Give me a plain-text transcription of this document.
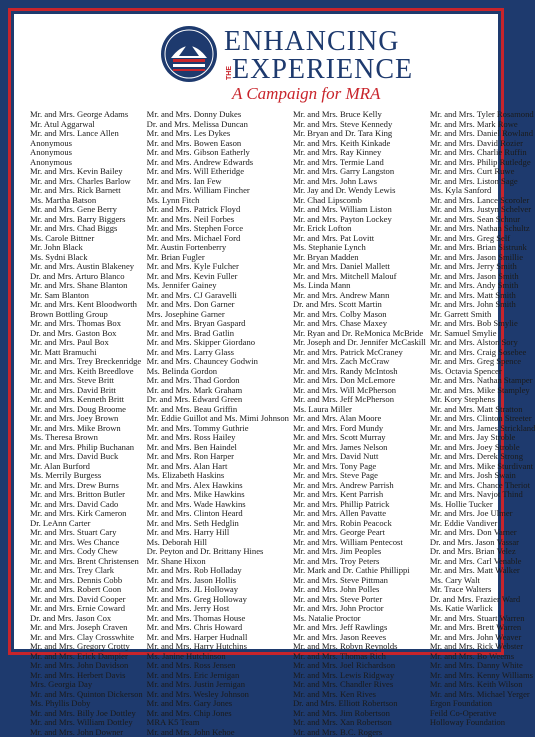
ENHANCING
THE EXPERIENCE
A Campaign for MRA
Mr. and Mrs. George Adams
Mr. Atul Aggarwal
Mr. and Mrs. Lance Allen
Anonymous
Anonymous
Anonymous
Mr. and Mrs. Kevin Bailey
Mr. and Mrs. Charles Barlow
Mr. and Mrs. Rick Barnett
Ms. Martha Batson
Mr. and Mrs. Gene Berry
Mr. and Mrs. Barry Biggers
Mr. and Mrs. Chad Biggs
Ms. Carole Bittner
Mr. John Black
Ms. Sydni Black
Mr. and Mrs. Austin Blakeney
Dr. and Mrs. Arturo Blanco
Mr. and Mrs. Shane Blanton
Mr. Sam Blanton
Mr. and Mrs. Kent Bloodworth
Brown Bottling Group
Mr. and Mrs. Thomas Box
Dr. and Mrs. Gaston Box
Mr. and Mrs. Paul Box
Mr. Matt Bramuchi
Mr. and Mrs. Trey Breckenridge
Mr. and Mrs. Keith Breedlove
Mr. and Mrs. Steve Britt
Mr. and Mrs. David Britt
Mr. and Mrs. Kenneth Britt
Mr. and Mrs. Doug Broome
Mr. and Mrs. Joey Brown
Mr. and Mrs. Mike Brown
Ms. Theresa Brown
Mr. and Mrs. Philip Buchanan
Mr. and Mrs. David Buck
Mr. Alan Burford
Ms. Merrily Burgess
Mr. and Mrs. Drew Burns
Mr. and Mrs. Britton Butler
Mr. and Mrs. David Cado
Mr. and Mrs. Kirk Cameron
Dr. LeAnn Carter
Mr. and Mrs. Stuart Cary
Mr. and Mrs. Wes Chance
Mr. and Mrs. Cody Chew
Mr. and Mrs. Brent Christensen
Mr. and Mrs. Trey Clark
Mr. and Mrs. Dennis Cobb
Mr. and Mrs. Robert Coon
Mr. and Mrs. David Cooper
Mr. and Mrs. Ernie Coward
Dr. and Mrs. Jason Cox
Mr. and Mrs. Joseph Craven
Mr. and Mrs. Clay Crosswhite
Mr. and Mrs. Gregory Crotty
Mr. and Mrs. Erick Dampier
Mr. and Mrs. John Davidson
Mr. and Mrs. Herbert Davis
Mrs. Georgia Day
Mr. and Mrs. Quinton Dickerson
Ms. Phyllis Doby
Mr. and Mrs. Billy Joe Dottley
Mr. and Mrs. William Dottley
Mr. and Mrs. John Downer
Mr. and Mrs. Donny Dukes
Dr. and Mrs. Melissa Duncan
Mr. and Mrs. Les Dykes
Mr. and Mrs. Bowen Eason
Mr. and Mrs. Gibson Eatherly
Mr. and Mrs. Andrew Edwards
Mr. and Mrs. Will Etheridge
Mr. and Mrs. Ian Few
Mr. and Mrs. William Fincher
Ms. Lynn Fitch
Mr. and Mrs. Patrick Floyd
Mr. and Mrs. Neil Forbes
Mr. and Mrs. Stephen Force
Mr. and Mrs. Michael Ford
Mr. Austin Fortenberry
Mr. Brian Fugler
Mr. and Mrs. Kyle Fulcher
Mr. and Mrs. Kevin Fuller
Ms. Jennifer Gainey
Mr. and Mrs. CJ Garavelli
Mr. and Mrs. Don Garner
Mrs. Josephine Garner
Mr. and Mrs. Bryan Gaspard
Mr. and Mrs. Brad Gatlin
Mr. and Mrs. Skipper Giordano
Mr. and Mrs. Larry Glass
Mr. and Mrs. Chauncey Godwin
Ms. Belinda Gordon
Mr. and Mrs. Thad Gordon
Mr. and Mrs. Mark Graham
Dr. and Mrs. Edward Green
Mr. and Mrs. Beau Griffin
Mr. Eddie Guillot and Ms. Mimi Johnson
Mr. and Mrs. Tommy Guthrie
Mr. and Mrs. Ross Hailey
Mr. and Mrs. Ben Haindel
Mr. and Mrs. Ron Harper
Mr. and Mrs. Alan Hart
Ms. Elizabeth Haskins
Mr. and Mrs. Alex Hawkins
Mr. and Mrs. Mike Hawkins
Mr. and Mrs. Wade Hawkins
Mr. and Mrs. Clinton Heard
Mr. and Mrs. Seth Hedglin
Mr. and Mrs. Harry Hill
Ms. Deborah Hill
Dr. Peyton and Dr. Brittany Hines
Mr. Shane Hixon
Mr. and Mrs. Rob Holladay
Mr. and Mrs. Jason Hollis
Mr. and Mrs. JL Holloway
Mr. and Mrs. Greg Holloway
Mr. and Mrs. Jerry Host
Mr. and Mrs. Thomas House
Mr. and Mrs. Chris Howard
Mr. and Mrs. Harper Hudnall
Mr. and Mrs. Harry Hutchins
Ms. Janine Hutchinson
Mr. and Mrs. Ross Jensen
Mr. and Mrs. Eric Jernigan
Mr. and Mrs. Justin Jernigan
Mr. and Mrs. Wesley Johnson
Mr. and Mrs. Gary Jones
Mr. and Mrs. Chip Jones
MRA K5 Team
Mr. and Mrs. John Kehoe
Mr. and Mrs. Bruce Kelly
Mr. and Mrs. Steve Kennedy
Mr. Bryan and Dr. Tara King
Mr. and Mrs. Keith Kinkade
Mr. and Mrs. Ray Kinney
Mr. and Mrs. Termie Land
Mr. and Mrs. Garry Langston
Mr. and Mrs. John Laws
Mr. Jay and Dr. Wendy Lewis
Mr. Chad Lipscomb
Mr. and Mrs. William Liston
Mr. and Mrs. Payton Lockey
Mr. Erick Lofton
Mr. and Mrs. Pat Lovitt
Ms. Stephanie Lynch
Mr. Bryan Madden
Mr. and Mrs. Daniel Mallett
Mr. and Mrs. Mitchell Malouf
Ms. Linda Mann
Mr. and Mrs. Andrew Mann
Dr. and Mrs. Scott Martin
Mr. and Mrs. Colby Mason
Mr. and Mrs. Chase Maxey
Mr. Ryan and Dr. ReMonica McBride
Mr. Joseph and Dr. Jennifer McCaskill
Mr. and Mrs. Patrick McCraney
Mr. and Mrs. Zach McCraw
Mr. and Mrs. Randy McIntosh
Mr. and Mrs. Don McLemore
Mr. and Mrs. Will McPherson
Mr. and Mrs. Jeff McPherson
Ms. Laura Miller
Mr. and Mrs. Alan Moore
Mr. and Mrs. Ford Mundy
Mr. and Mrs. Scott Murray
Mr. and Mrs. James Nelson
Mr. and Mrs. David Nutt
Mr. and Mrs. Tony Page
Mr. and Mrs. Steve Page
Mr. and Mrs. Andrew Parrish
Mr. and Mrs. Kent Parrish
Mr. and Mrs. Phillip Patrick
Mr. and Mrs. Allen Pavatte
Mr. and Mrs. Robin Peacock
Mr. and Mrs. George Peart
Mr. and Mrs. William Pentecost
Mr. and Mrs. Jim Peoples
Mr. and Mrs. Troy Peters
Mr. Mark and Dr. Cathie Phillippi
Mr. and Mrs. Steve Pittman
Mr. and Mrs. John Polles
Mr. and Mrs. Steve Porter
Mr. and Mrs. John Proctor
Ms. Natalie Proctor
Mr. and Mrs. Jeff Rawlings
Mr. and Mrs. Jason Reeves
Mr. and Mrs. Robyn Reynolds
Mr. and Mrs. Thomas Rich
Mr. and Mrs. Joel Richardson
Mr. and Mrs. Lewis Ridgway
Mr. and Mrs. Chandler Rives
Mr. and Mrs. Ken Rives
Dr. and Mrs. Elliott Robertson
Mr. and Mrs. Jim Robertson
Mr. and Mrs. Xan Robertson
Mr. and Mrs. B.C. Rogers
Mr. and Mrs. Tyler Rosamond
Mr. and Mrs. Mark Rowe
Mr. and Mrs. Daniel Rowland
Mr. and Mrs. David Rozier
Mr. and Mrs. Charlie Ruffin
Mr. and Mrs. Philip Rutledge
Mr. and Mrs. Curt Ruwe
Mr. and Mrs. Liston Sage
Ms. Kyla Sanford
Mr. and Mrs. Lance Scoroler
Mr. and Mrs. Justyn Schelver
Mr. and Mrs. Sean Schnur
Mr. and Mrs. Nathan Schultz
Mr. and Mrs. Greg Self
Mr. and Mrs. Brian Sistrunk
Mr. and Mrs. Jason Smillie
Mr. and Mrs. Jerry Smith
Mr. and Mrs. Jason Smith
Mr. and Mrs. Andy Smith
Mr. and Mrs. Matt Smith
Mr. and Mrs. John Smith
Mr. Garrett Smith
Mr. and Mrs. Bob Smylie
Mr. Samuel Smylie
Mr. and Mrs. Alston Sory
Mr. and Mrs. Craig Sosebee
Mr. and Mrs. Greg Spence
Ms. Octavia Spencer
Mr. and Mrs. Nathan Stamper
Mr. and Mrs. Mike Stampley
Mr. Kory Stephens
Mr. and Mrs. Matt Stratton
Mr. and Mrs. Clinton Streeter
Mr. and Mrs. James Strickland
Mr. and Mrs. Jay Stroble
Mr. and Mrs. Joey Stroble
Mr. and Mrs. Derek Strong
Mr. and Mrs. Mike Sturdivant
Mr. and Mrs. Josh Swain
Mr. and Mrs. Chance Theriot
Mr. and Mrs. Navjot Thind
Ms. Hollie Tucker
Mr. and Mrs. Joe Ulmer
Mr. Eddie Vandiver
Mr. and Mrs. Don Varner
Dr. and Mrs. Jason Vassar
Dr. and Mrs. Brian Velez
Mr. and Mrs. Carl Venable
Mr. and Mrs. Matt Walker
Ms. Cary Walt
Mr. Trace Walters
Dr. and Mrs. Frazier Ward
Ms. Katie Warlick
Mr. and Mrs. Stuart Warren
Mr. and Mrs. Brett Warren
Mr. and Mrs. John Weaver
Mr. and Mrs. Rick Webster
Mr. and Mrs. Bo Weems
Mr. and Mrs. Danny White
Mr. and Mrs. Kenny Williams
Mr. and Mrs. Keith Wilson
Mr. and Mrs. Michael Yerger
Ergon Foundation
Feild Co-Operative
Holloway Foundation
